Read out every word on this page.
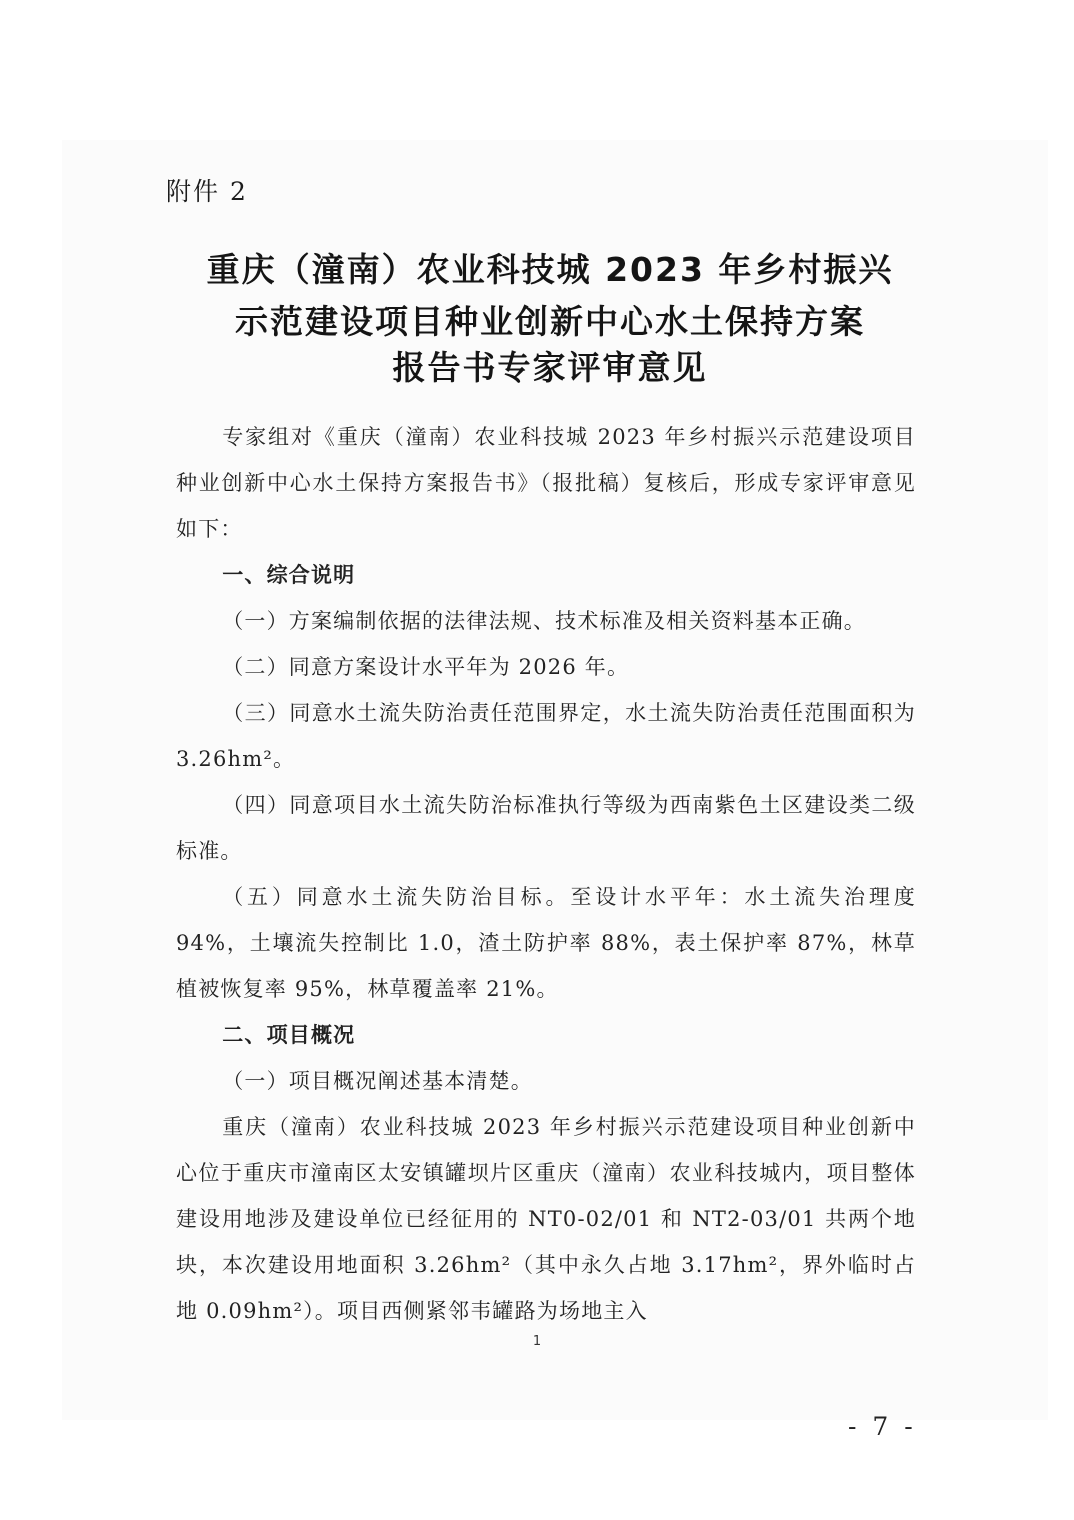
附件 2
重庆（潼南）农业科技城 2023 年乡村振兴
示范建设项目种业创新中心水土保持方案
报告书专家评审意见

专家组对《重庆（潼南）农业科技城 2023 年乡村振兴示范建设项目种业创新中心水土保持方案报告书》（报批稿）复核后，形成专家评审意见如下：

一、综合说明

（一）方案编制依据的法律法规、技术标准及相关资料基本正确。

（二）同意方案设计水平年为 2026 年。

（三）同意水土流失防治责任范围界定，水土流失防治责任范围面积为 3.26hm²。

（四）同意项目水土流失防治标准执行等级为西南紫色土区建设类二级标准。

（五）同意水土流失防治目标。至设计水平年：水土流失治理度 94%，土壤流失控制比 1.0，渣土防护率 88%，表土保护率 87%，林草植被恢复率 95%，林草覆盖率 21%。

二、项目概况

（一）项目概况阐述基本清楚。

重庆（潼南）农业科技城 2023 年乡村振兴示范建设项目种业创新中心位于重庆市潼南区太安镇罐坝片区重庆（潼南）农业科技城内，项目整体建设用地涉及建设单位已经征用的 NT0-02/01 和 NT2-03/01 共两个地块，本次建设用地面积 3.26hm²（其中永久占地 3.17hm²，界外临时占地 0.09hm²）。项目西侧紧邻韦罐路为场地主入

1
- 7 -
